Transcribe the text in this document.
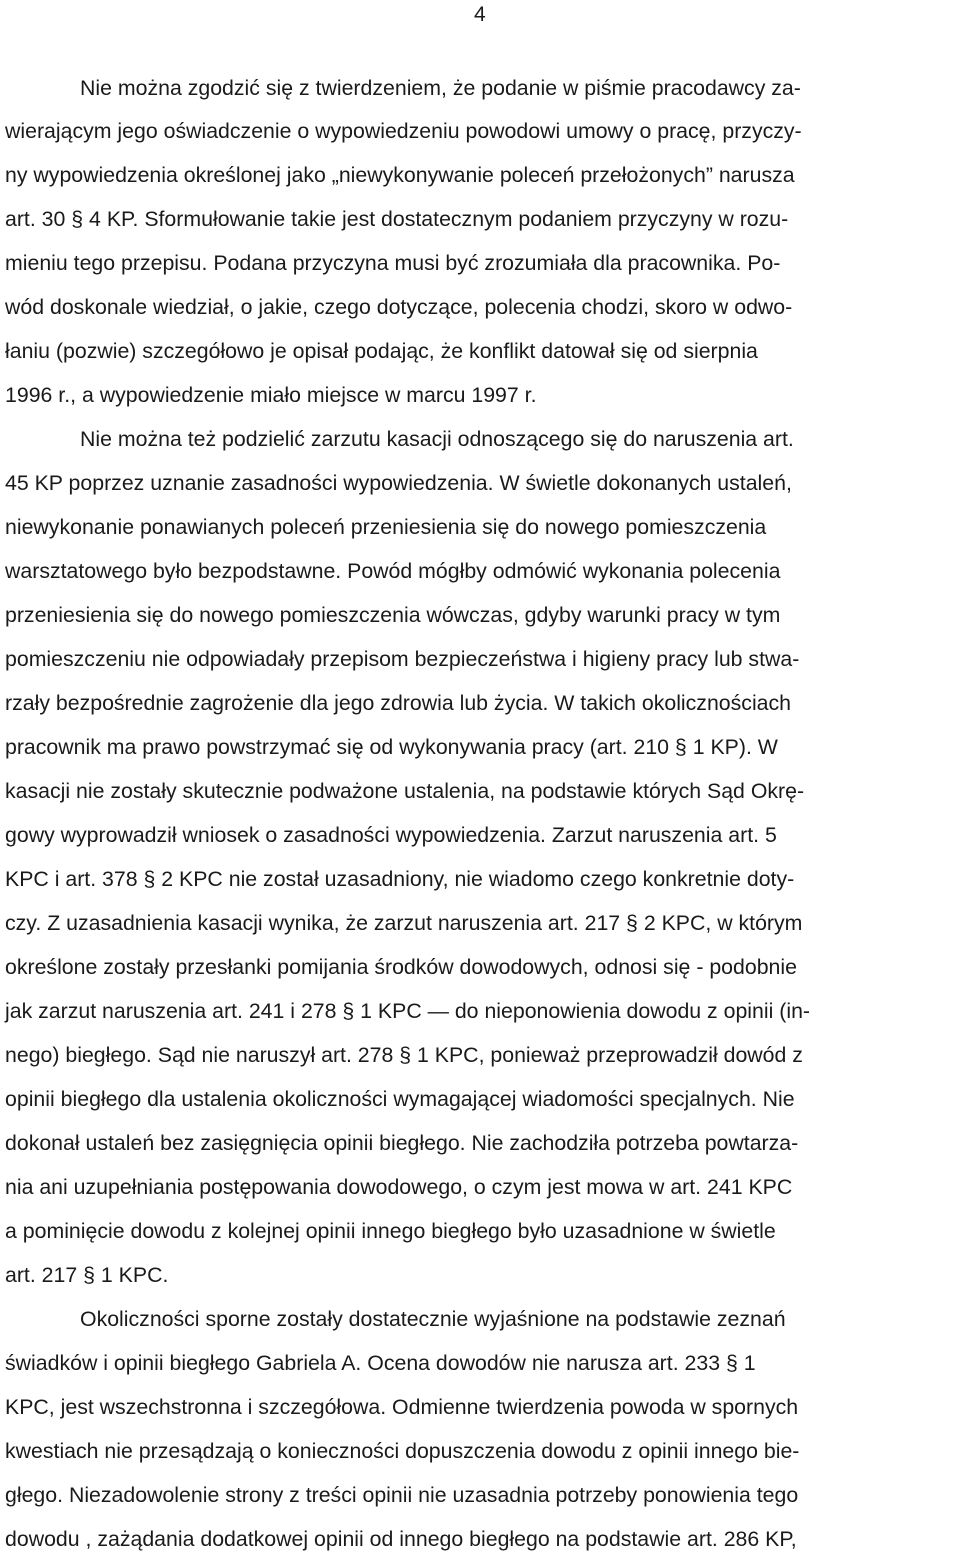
4
Nie można zgodzić się z twierdzeniem, że podanie w piśmie pracodawcy za-
wierającym jego oświadczenie o wypowiedzeniu powodowi umowy o pracę, przyczy-
ny wypowiedzenia określonej jako „niewykonywanie poleceń przełożonych” narusza
art. 30 § 4 KP. Sformułowanie takie jest dostatecznym podaniem przyczyny w rozu-
mieniu tego przepisu. Podana przyczyna musi być zrozumiała dla pracownika. Po-
wód doskonale wiedział, o jakie, czego dotyczące, polecenia chodzi, skoro w odwo-
łaniu (pozwie) szczegółowo je opisał podając, że konflikt datował się od sierpnia
1996 r., a wypowiedzenie miało miejsce w marcu 1997 r.
Nie można też podzielić zarzutu kasacji odnoszącego się do naruszenia art.
45 KP poprzez uznanie zasadności wypowiedzenia. W świetle dokonanych ustaleń,
niewykonanie ponawianych poleceń przeniesienia się do nowego pomieszczenia
warsztatowego było bezpodstawne. Powód mógłby odmówić wykonania polecenia
przeniesienia się do nowego pomieszczenia wówczas, gdyby warunki pracy w tym
pomieszczeniu nie odpowiadały przepisom bezpieczeństwa i higieny pracy lub stwa-
rzały bezpośrednie zagrożenie dla jego zdrowia lub życia. W takich okolicznościach
pracownik ma prawo powstrzymać się od wykonywania pracy (art. 210 § 1 KP). W
kasacji nie zostały skutecznie podważone ustalenia, na podstawie których Sąd Okrę-
gowy wyprowadził wniosek o zasadności wypowiedzenia. Zarzut naruszenia art. 5
KPC i art. 378 § 2 KPC nie został uzasadniony, nie wiadomo czego konkretnie doty-
czy. Z uzasadnienia kasacji wynika, że zarzut naruszenia art. 217 § 2 KPC, w którym
określone zostały przesłanki pomijania środków dowodowych, odnosi się - podobnie
jak zarzut naruszenia art. 241 i 278 § 1 KPC — do nieponowienia dowodu z opinii (in-
nego) biegłego. Sąd nie naruszył art. 278 § 1 KPC, ponieważ przeprowadził dowód z
opinii biegłego dla ustalenia okoliczności wymagającej wiadomości specjalnych. Nie
dokonał ustaleń bez zasięgnięcia opinii biegłego. Nie zachodziła potrzeba powtarza-
nia ani uzupełniania postępowania dowodowego, o czym jest mowa w art. 241 KPC
a pominięcie dowodu z kolejnej opinii innego biegłego było uzasadnione w świetle
art. 217 § 1 KPC.
Okoliczności sporne zostały dostatecznie wyjaśnione na podstawie zeznań
świadków i opinii biegłego Gabriela A. Ocena dowodów nie narusza art. 233 § 1
KPC, jest wszechstronna i szczegółowa. Odmienne twierdzenia powoda w spornych
kwestiach nie przesądzają o konieczności dopuszczenia dowodu z opinii innego bie-
głego. Niezadowolenie strony z treści opinii nie uzasadnia potrzeby ponowienia tego
dowodu , zażądania dodatkowej opinii od innego biegłego na podstawie art. 286 KP,
